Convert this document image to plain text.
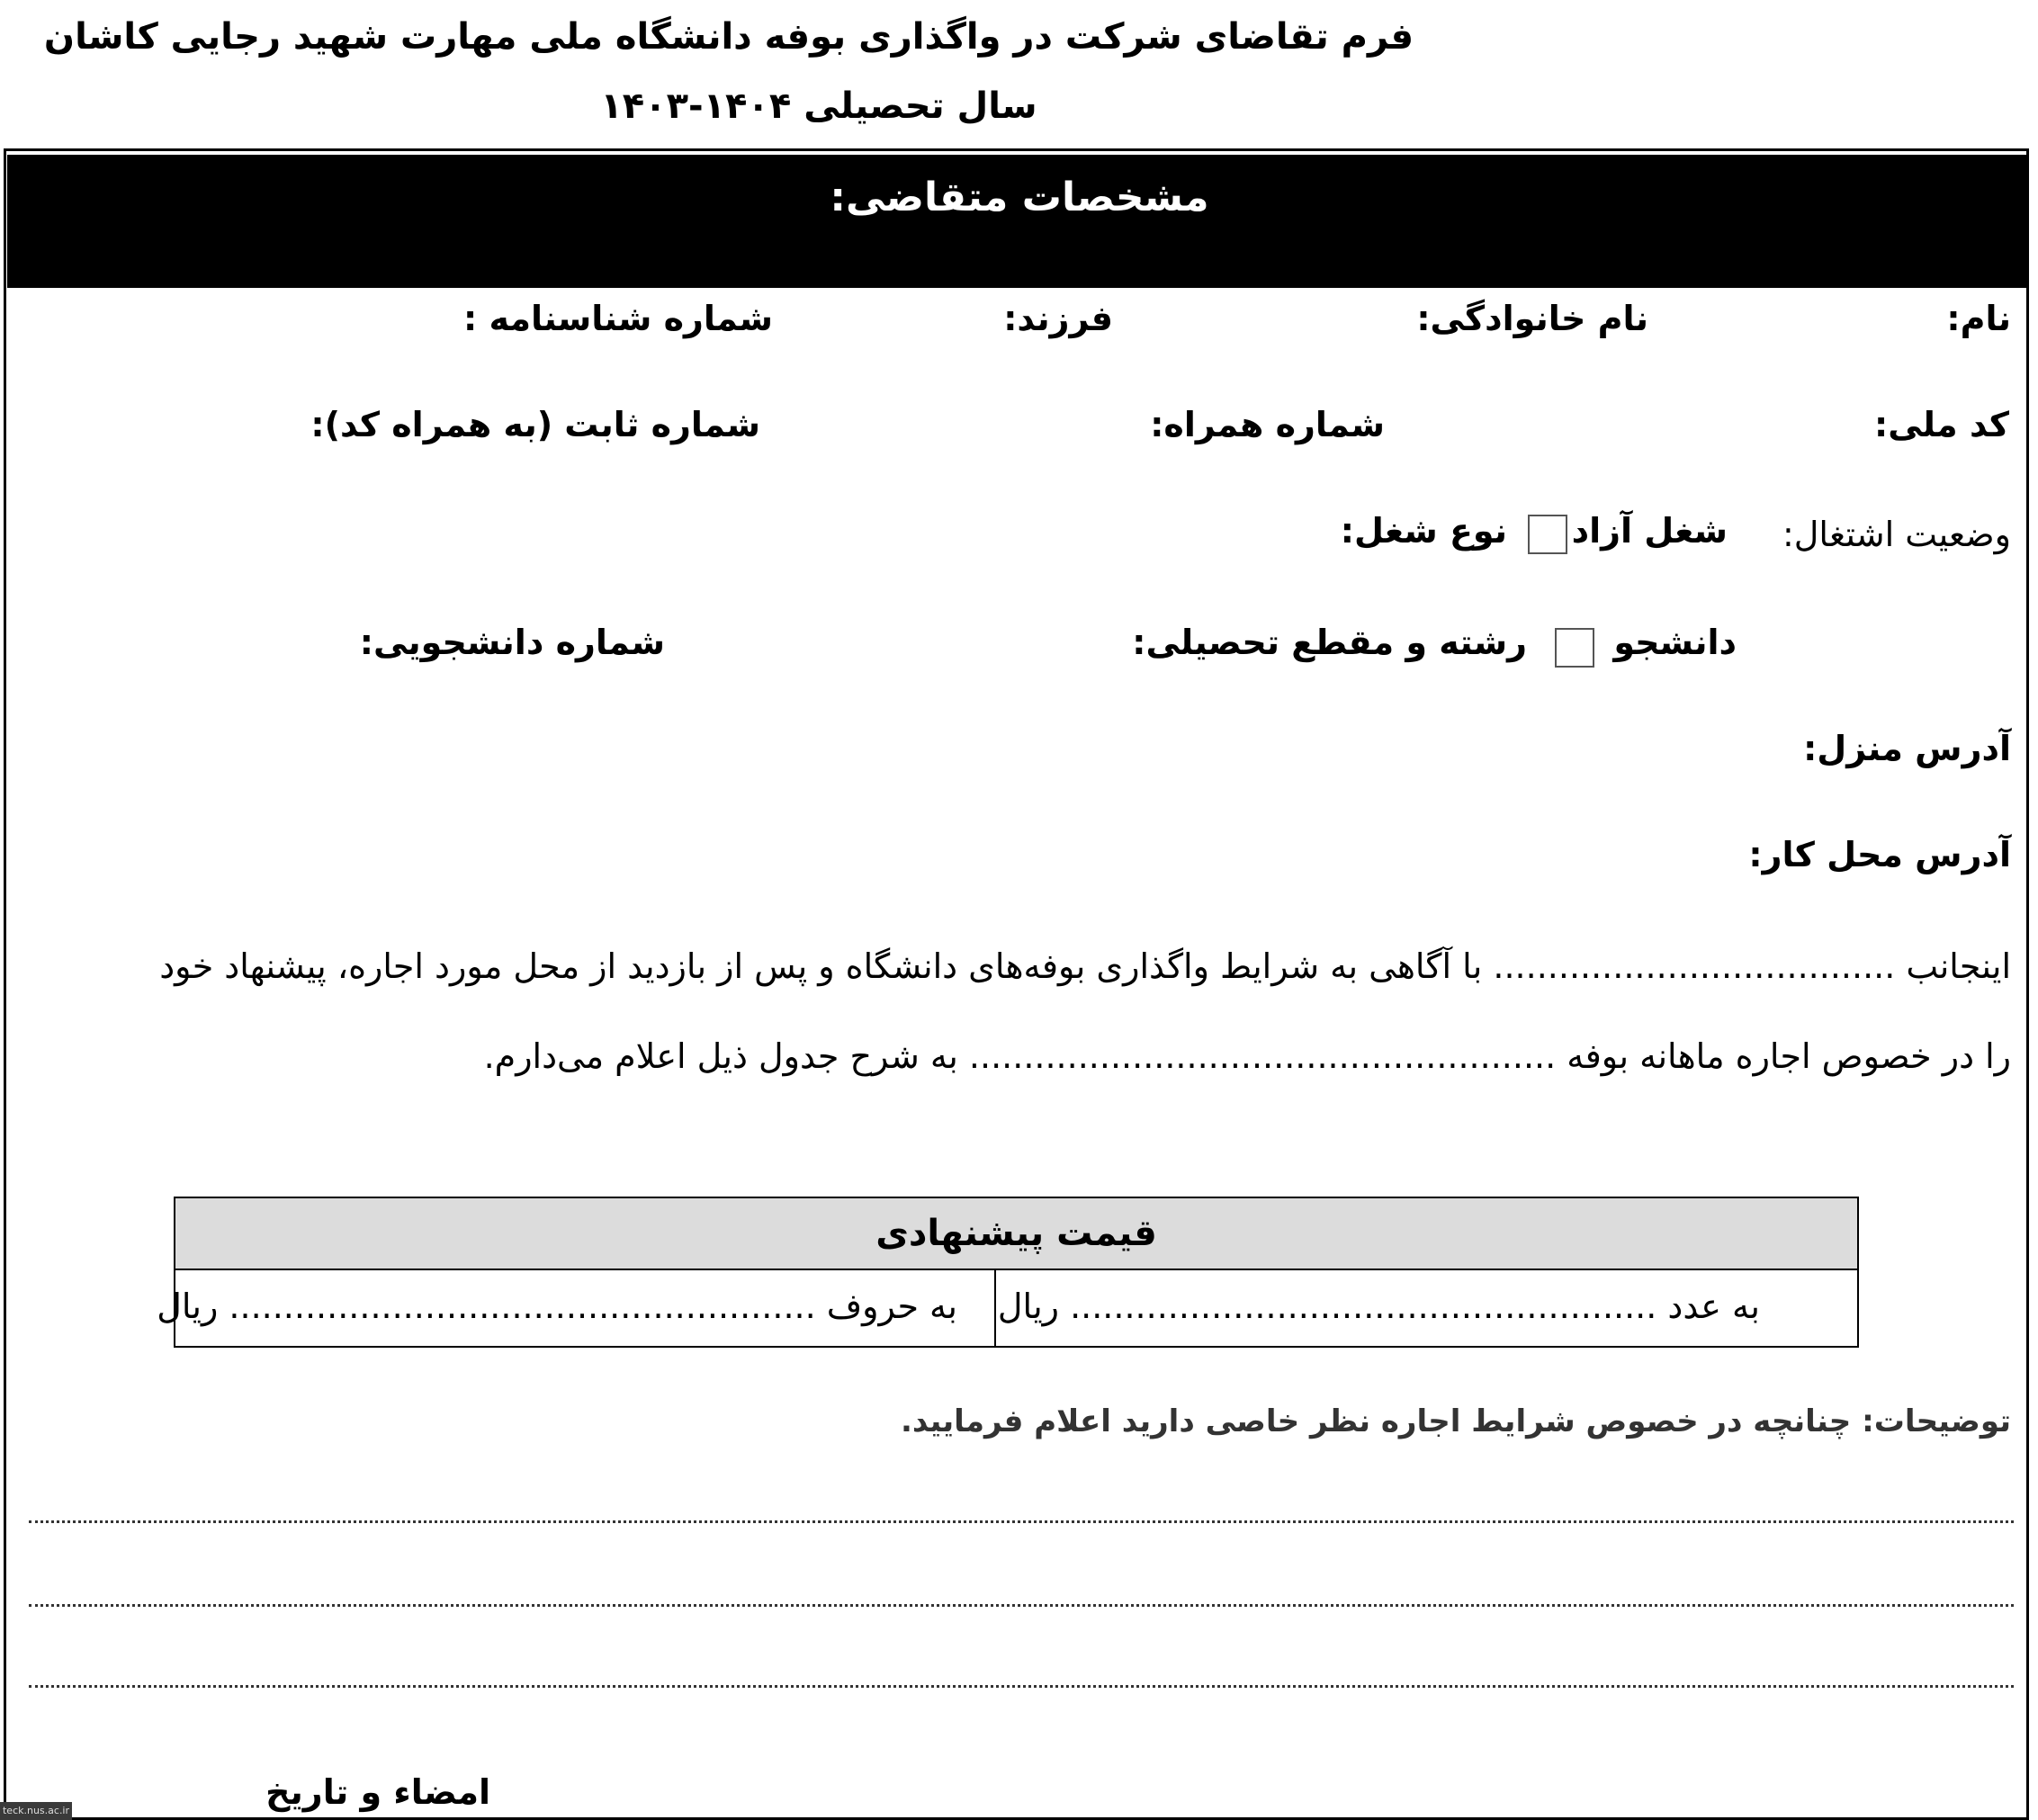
فرم تقاضای شرکت در واگذاری بوفه دانشگاه ملی مهارت شهید رجایی کاشان
سال تحصیلی ۱۴۰۴-۱۴۰۳
مشخصات متقاضی:
نام:
نام خانوادگی:
فرزند:
شماره شناسنامه :
کد ملی:
شماره همراه:
شماره ثابت (به همراه کد):
وضعیت اشتغال:
شغل آزاد
نوع شغل:
دانشجو
رشته و مقطع تحصیلی:
شماره دانشجویی:
آدرس منزل:
آدرس محل کار:
اینجانب ..................................... با آگاهی به شرایط واگذاری بوفه‌های دانشگاه و پس از بازدید از محل مورد اجاره، پیشنهاد خود
را در خصوص اجاره ماهانه بوفه ...................................................... به شرح جدول ذیل اعلام می‌دارم.
قیمت پیشنهادی
به عدد ...................................................... ریال
به حروف ...................................................... ریال
توضیحات: چنانچه در خصوص شرایط اجاره نظر خاصی دارید اعلام فرمایید.
امضاء و تاریخ
teck.nus.ac.ir
